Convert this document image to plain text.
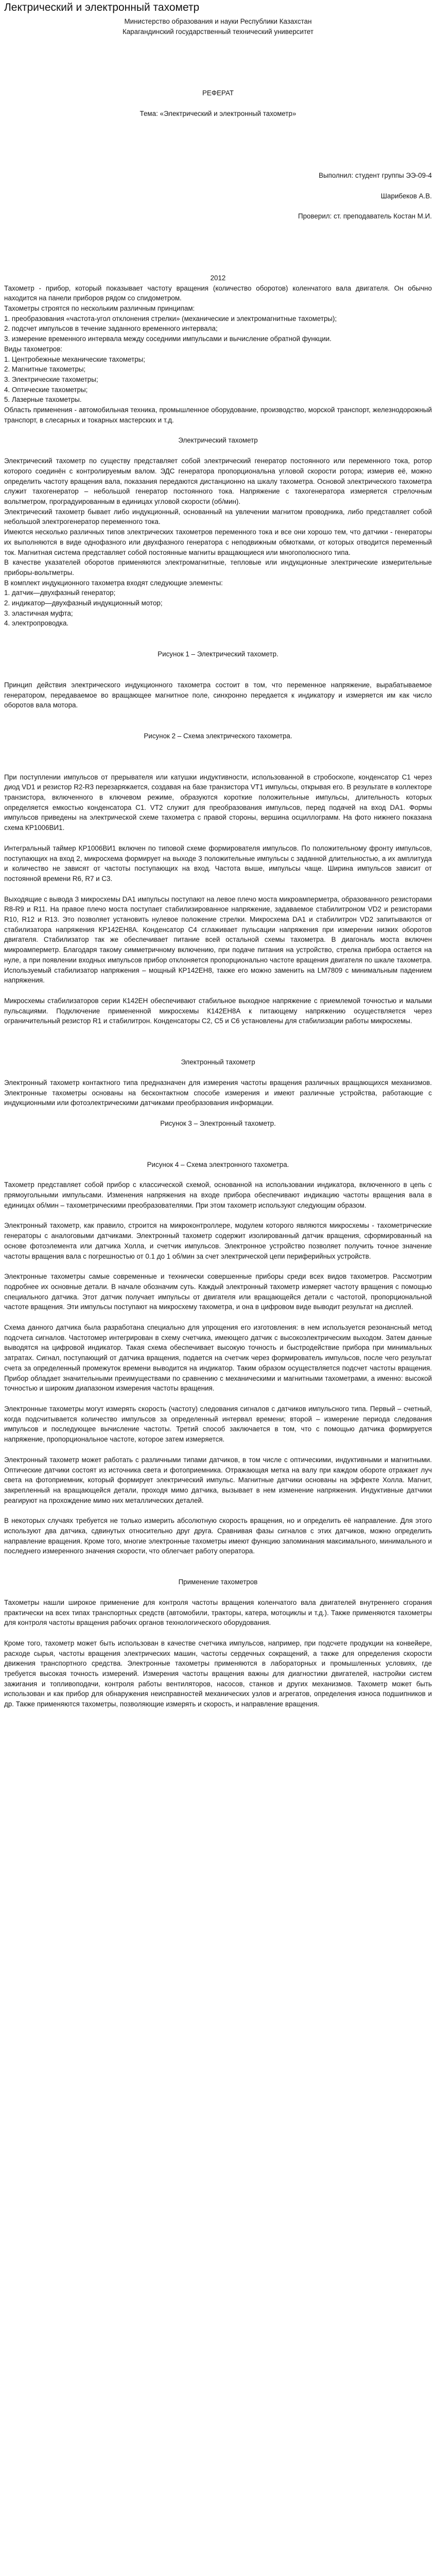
Лектрический и электронный тахометр

Министерство образования и науки Республики Казахстан

Карагандинский государственный технический университет

РЕФЕРАТ

Тема: «Электрический и электронный тахометр»

Выполнил: студент группы ЭЭ-09-4

Шарибеков А.В.

Проверил: ст. преподаватель Костан М.И.

2012

Тахометр - прибор, который показывает частоту вращения (количество оборотов) коленчатого вала двигателя. Он обычно находится на панели приборов рядом со спидометром.

Тахометры строятся по нескольким различным принципам:

1. преобразования «частота-угол отклонения стрелки» (механические и электромагнитные тахометры);

2. подсчет импульсов в течение заданного временного интервала;

3. измерение временного интервала между соседними импульсами и вычисление обратной функции.

Виды тахометров:

1. Центробежные механические тахометры;

2. Магнитные тахометры;

3. Электрические тахометры;

4. Оптические тахометры;

5. Лазерные тахометры.

Область применения - автомобильная техника, промышленное оборудование, производство, морской транспорт, железнодорожный транспорт, в слесарных и токарных мастерских и т.д.

Электрический тахометр

Электрический тахометр по существу представляет собой электрический генератор постоянного или переменного тока, ротор которого соединён с контролируемым валом. ЭДС генератора пропорциональна угловой скорости ротора; измерив её, можно определить частоту вращения вала, показания передаются дистанционно на шкалу тахометра. Основой электрического тахометра служит тахогенератор – небольшой генератор постоянного тока. Напряжение с тахогенератора измеряется стрелочным вольтметром, проградуированным в единицах угловой скорости (об/мин).

Электрический тахометр бывает либо индукционный, основанный на увлечении магнитом проводника, либо представляет собой небольшой электрогенератор переменного тока.

Имеются несколько различных типов электрических тахометров переменного тока и все они хорошо тем, что датчики - генераторы их выполняются в виде однофазного или двухфазного генератора с неподвижным обмотками, от которых отводится переменный ток. Магнитная система представляет собой постоянные магниты вращающиеся или многополюсного типа.

В качестве указателей оборотов применяются электромагнитные, тепловые или индукционные электрические измерительные приборы-вольтметры.

В комплект индукционного тахометра входят следующие элементы:

1. датчик—двухфазный генератор;

2. индикатор—двухфазный индукционный мотор;

3. эластичная муфта;

4. электропроводка.

Рисунок 1 – Электрический тахометр.

Принцип действия электрического индукционного тахометра состоит в том, что переменное напряжение, вырабатываемое генератором, передаваемое во вращающее магнитное поле, синхронно передается к индикатору и измеряется им как число оборотов вала мотора.

Рисунок 2 – Схема электрического тахометра.

При поступлении импульсов от прерывателя или катушки индуктивности, использованной в стробоскопе, конденсатор C1 через диод VD1 и резистор R2-R3 перезаряжается, создавая на базе транзистора VT1 импульсы, открывая его. В результате в коллекторе транзистора, включенного в ключевом режиме, образуются короткие положительные импульсы, длительность которых определяется емкостью конденсатора C1. VT2 служит для преобразования импульсов, перед подачей на вход DA1. Формы импульсов приведены на электрической схеме тахометра с правой стороны, вершина осциллограмм. На фото нижнего показана схема КР1006ВИ1.

Интегральный таймер КР1006ВИ1 включен по типовой схеме формирователя импульсов. По положительному фронту импульсов, поступающих на вход 2, микросхема формирует на выходе 3 положительные импульсы с заданной длительностью, а их амплитуда и количество не зависят от частоты поступающих на вход. Частота выше, импульсы чаще. Ширина импульсов зависит от постоянной времени R6, R7 и C3.

Выходящие с вывода 3 микросхемы DA1 импульсы поступают на левое плечо моста микроамперметра, образованного резисторами R8-R9 и R11. На правое плечо моста поступает стабилизированное напряжение, задаваемое стабилитроном VD2 и резисторами R10, R12 и R13. Это позволяет установить нулевое положение стрелки. Микросхема DA1 и стабилитрон VD2 запитываются от стабилизатора напряжения КР142ЕН8А. Конденсатор C4 сглаживает пульсации напряжения при измерении низких оборотов двигателя. Стабилизатор так же обеспечивает питание всей остальной схемы тахометра. В диагональ моста включен микроамперметр. Благодаря такому симметричному включению, при подаче питания на устройство, стрелка прибора остается на нуле, а при появлении входных импульсов прибор отклоняется пропорционально частоте вращения двигателя по шкале тахометра. Используемый стабилизатор напряжения – мощный КР142ЕН8, также его можно заменить на LM7809 с минимальным падением напряжения.

Микросхемы стабилизаторов серии К142ЕН обеспечивают стабильное выходное напряжение с приемлемой точностью и малыми пульсациями. Подключение примененной микросхемы К142ЕН8А к питающему напряжению осуществляется через ограничительный резистор R1 и стабилитрон. Конденсаторы C2, C5 и C6 установлены для стабилизации работы микросхемы.

Электронный тахометр

Электронный тахометр контактного типа предназначен для измерения частоты вращения различных вращающихся механизмов. Электронные тахометры основаны на бесконтактном способе измерения и имеют различные устройства, работающие с индукционными или фотоэлектрическими датчиками преобразования информации.

Рисунок 3 – Электронный тахометр.

Рисунок 4 – Схема электронного тахометра.

Тахометр представляет собой прибор с классической схемой, основанной на использовании индикатора, включенного в цепь с прямоугольными импульсами. Изменения напряжения на входе прибора обеспечивают индикацию частоты вращения вала в единицах об/мин – тахометрическими преобразователями. При этом тахометр используют следующим образом.

Электронный тахометр, как правило, строится на микроконтроллере, модулем которого являются микросхемы - тахометрические генераторы с аналоговыми датчиками. Электронный тахометр содержит изолированный датчик вращения, сформированный на основе фотоэлемента или датчика Холла, и счетчик импульсов. Электронное устройство позволяет получить точное значение частоты вращения вала с погрешностью от 0.1 до 1 об/мин за счет электрической цепи периферийных устройств.

Электронные тахометры самые современные и технически совершенные приборы среди всех видов тахометров. Рассмотрим подробнее их основные детали. В начале обозначим суть. Каждый электронный тахометр измеряет частоту вращения с помощью специального датчика. Этот датчик получает импульсы от двигателя или вращающейся детали с частотой, пропорциональной частоте вращения. Эти импульсы поступают на микросхему тахометра, и она в цифровом виде выводит результат на дисплей.

Схема данного датчика была разработана специально для упрощения его изготовления: в нем используется резонансный метод подсчета сигналов. Частотомер интегрирован в схему счетчика, имеющего датчик с высокоэлектрическим выходом. Затем данные выводятся на цифровой индикатор. Такая схема обеспечивает высокую точность и быстродействие прибора при минимальных затратах. Сигнал, поступающий от датчика вращения, подается на счетчик через формирователь импульсов, после чего результат счета за определенный промежуток времени выводится на индикатор. Таким образом осуществляется подсчет частоты вращения. Прибор обладает значительными преимуществами по сравнению с механическими и магнитными тахометрами, а именно: высокой точностью и широким диапазоном измерения частоты вращения.

Электронные тахометры могут измерять скорость (частоту) следования сигналов с датчиков импульсного типа. Первый – счетный, когда подсчитывается количество импульсов за определенный интервал времени; второй – измерение периода следования импульсов и последующее вычисление частоты. Третий способ заключается в том, что с помощью датчика формируется напряжение, пропорциональное частоте, которое затем измеряется.

Электронный тахометр может работать с различными типами датчиков, в том числе с оптическими, индуктивными и магнитными. Оптические датчики состоят из источника света и фотоприемника. Отражающая метка на валу при каждом обороте отражает луч света на фотоприемник, который формирует электрический импульс. Магнитные датчики основаны на эффекте Холла. Магнит, закрепленный на вращающейся детали, проходя мимо датчика, вызывает в нем изменение напряжения. Индуктивные датчики реагируют на прохождение мимо них металлических деталей.

В некоторых случаях требуется не только измерить абсолютную скорость вращения, но и определить её направление. Для этого используют два датчика, сдвинутых относительно друг друга. Сравнивая фазы сигналов с этих датчиков, можно определить направление вращения. Кроме того, многие электронные тахометры имеют функцию запоминания максимального, минимального и последнего измеренного значения скорости, что облегчает работу оператора.

Применение тахометров

Тахометры нашли широкое применение для контроля частоты вращения коленчатого вала двигателей внутреннего сгорания практически на всех типах транспортных средств (автомобили, тракторы, катера, мотоциклы и т.д.). Также применяются тахометры для контроля частоты вращения рабочих органов технологического оборудования.

Кроме того, тахометр может быть использован в качестве счетчика импульсов, например, при подсчете продукции на конвейере, расходе сырья, частоты вращения электрических машин, частоты сердечных сокращений, а также для определения скорости движения транспортного средства. Электронные тахометры применяются в лабораторных и промышленных условиях, где требуется высокая точность измерений. Измерения частоты вращения важны для диагностики двигателей, настройки систем зажигания и топливоподачи, контроля работы вентиляторов, насосов, станков и других механизмов. Тахометр может быть использован и как прибор для обнаружения неисправностей механических узлов и агрегатов, определения износа подшипников и др. Также применяются тахометры, позволяющие измерять и скорость, и направление вращения.
